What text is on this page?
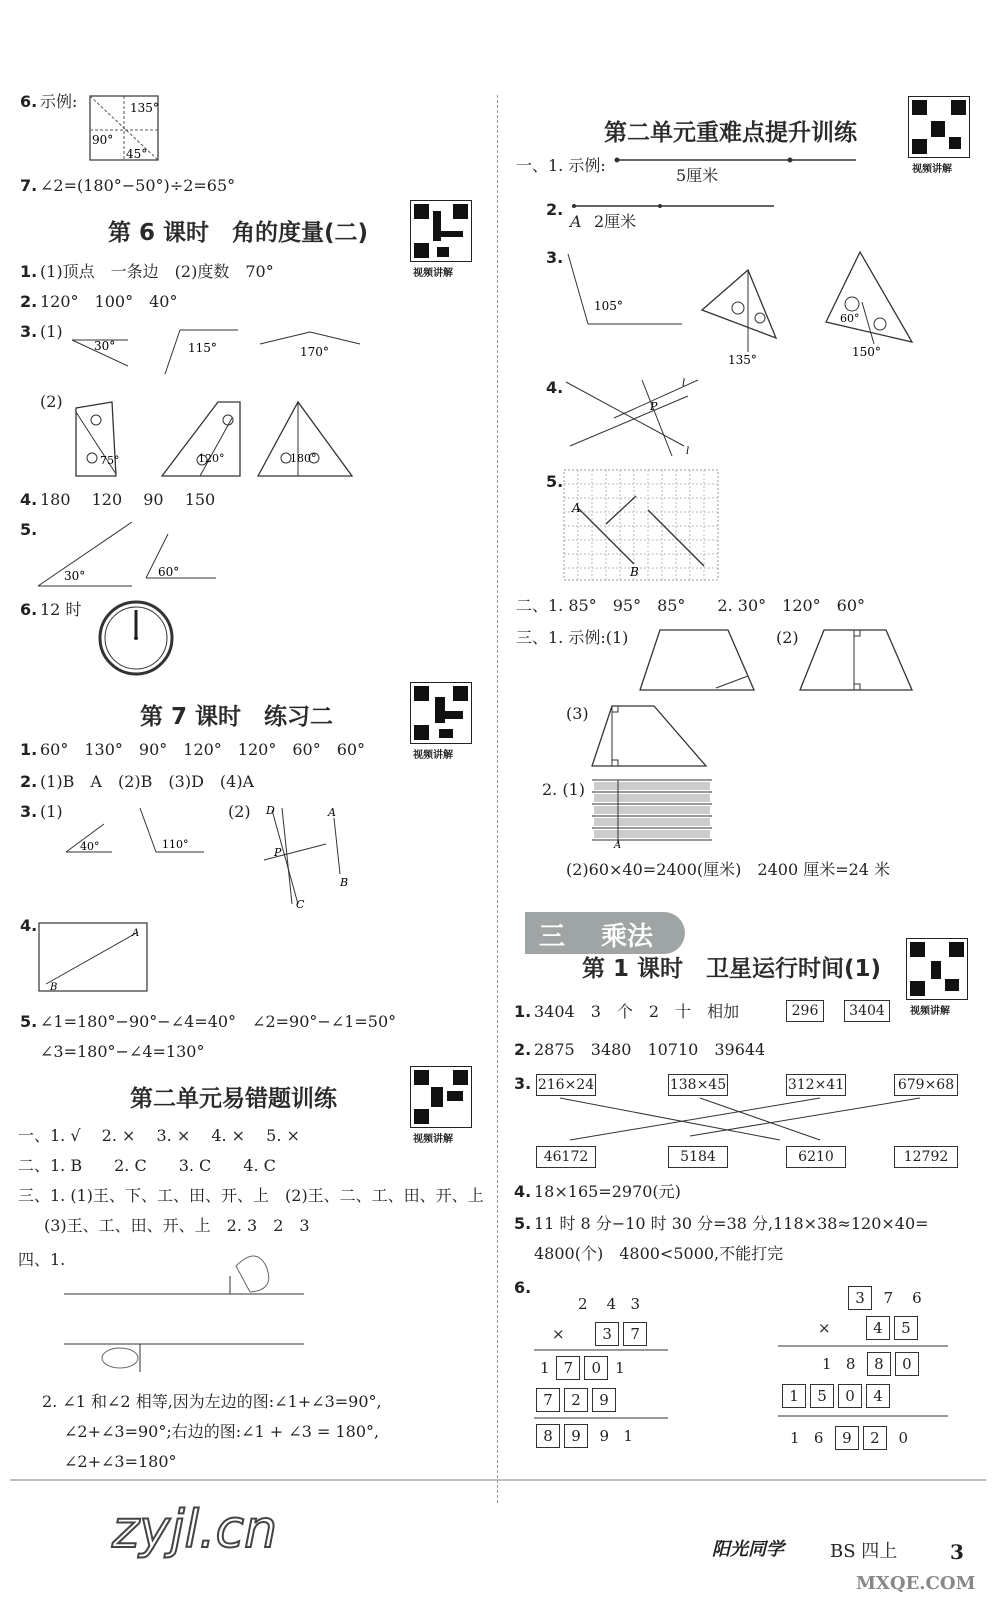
6. 示例:	135°
90°
45°
7. ∠2=(180°−50°)÷2=65°
第 6 课时　角的度量(二)
视频讲解
1. (1)顶点　一条边　(2)度数　70°
2. 120°　100°　40°
3. (1)
30°	115°	170°
(2)
75°	120°	180°
4. 180　 120　 90　 150
5.
30°	60°
6. 12 时
第 7 课时　练习二
视频讲解
1. 60°　130°　90°　120°　120°　60°　60°
2. (1)B　A　(2)B　(3)D　(4)A
3. (1)	(2)
40°	110°
D	A
P
B
C
4.	A
B
5. ∠1=180°−90°−∠4=40°　∠2=90°−∠1=50°
∠3=180°−∠4=130°
第二单元易错题训练
视频讲解
一、1. √　 2. ×　 3. ×　 4. ×　 5. ×
二、1. B　　2. C　　3. C　　4. C
三、1. (1)王、下、工、田、开、上　(2)王、二、工、田、开、上
(3)王、工、田、开、上　2. 3　2　3
四、1.
2. ∠1 和∠2 相等,因为左边的图:∠1+∠3=90°,
∠2+∠3=90°;右边的图:∠1 + ∠3 = 180°,
∠2+∠3=180°
第二单元重难点提升训练
视频讲解
一、1. 示例:
5厘米
2.
A 2厘米
3.
105°
135°
60°
150°
4.	l
l
P
5.
A
B
二、1. 85°　95°　85°　　2. 30°　120°　60°
三、1. 示例:(1)	(2)
(3)
2. (1)
A
(2)60×40=2400(厘米)　2400 厘米=24 米
三 乘法
第 1 课时　卫星运行时间(1)
视频讲解
1. 3404　3　个　2　十　相加	296	3404
2. 2875　3480　10710　39644
3. 216×24	138×45	312×41	679×68
46172	5184	6210	12792
4. 18×165=2970(元)
5. 11 时 8 分−10 时 30 分=38 分,118×38≈120×40=
4800(个)　4800<5000,不能打完
6.
2    4   3
×      3 7
1 7 0 1
7 2 9
8 9  9   1
3  7    6
×       4 5
1   8  8 0
1 5 0 4
1   6  9 2  0
zyjl.cn	阳光同学	BS 四上	3
MXQE.COM
